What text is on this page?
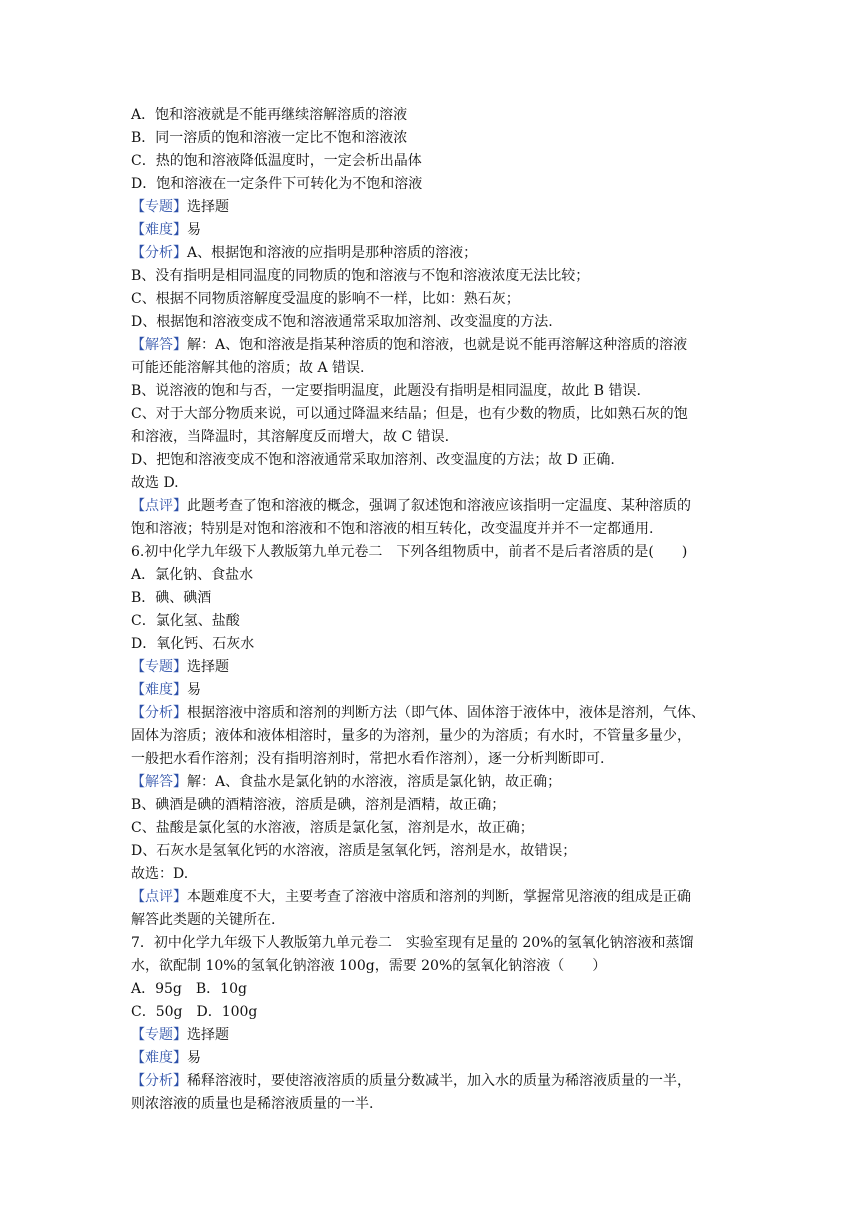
A．饱和溶液就是不能再继续溶解溶质的溶液
B．同一溶质的饱和溶液一定比不饱和溶液浓
C．热的饱和溶液降低温度时，一定会析出晶体
D．饱和溶液在一定条件下可转化为不饱和溶液
【专题】选择题
【难度】易
【分析】A、根据饱和溶液的应指明是那种溶质的溶液；
B、没有指明是相同温度的同物质的饱和溶液与不饱和溶液浓度无法比较；
C、根据不同物质溶解度受温度的影响不一样，比如：熟石灰；
D、根据饱和溶液变成不饱和溶液通常采取加溶剂、改变温度的方法.
【解答】解：A、饱和溶液是指某种溶质的饱和溶液，也就是说不能再溶解这种溶质的溶液
可能还能溶解其他的溶质；故 A 错误.
B、说溶液的饱和与否，一定要指明温度，此题没有指明是相同温度，故此 B 错误.
C、对于大部分物质来说，可以通过降温来结晶；但是，也有少数的物质，比如熟石灰的饱
和溶液，当降温时，其溶解度反而增大，故 C 错误.
D、把饱和溶液变成不饱和溶液通常采取加溶剂、改变温度的方法；故 D 正确.
故选 D.
【点评】此题考查了饱和溶液的概念，强调了叙述饱和溶液应该指明一定温度、某种溶质的
饱和溶液；特别是对饱和溶液和不饱和溶液的相互转化，改变温度并并不一定都通用.
6.初中化学九年级下人教版第九单元卷二　下列各组物质中，前者不是后者溶质的是(　　)
A．氯化钠、食盐水
B．碘、碘酒
C．氯化氢、盐酸
D．氧化钙、石灰水
【专题】选择题
【难度】易
【分析】根据溶液中溶质和溶剂的判断方法（即气体、固体溶于液体中，液体是溶剂，气体、
固体为溶质；液体和液体相溶时，量多的为溶剂，量少的为溶质；有水时，不管量多量少，
一般把水看作溶剂；没有指明溶剂时，常把水看作溶剂），逐一分析判断即可.
【解答】解：A、食盐水是氯化钠的水溶液，溶质是氯化钠，故正确；
B、碘酒是碘的酒精溶液，溶质是碘，溶剂是酒精，故正确；
C、盐酸是氯化氢的水溶液，溶质是氯化氢，溶剂是水，故正确；
D、石灰水是氢氧化钙的水溶液，溶质是氢氧化钙，溶剂是水，故错误；
故选：D.
【点评】本题难度不大，主要考查了溶液中溶质和溶剂的判断，掌握常见溶液的组成是正确
解答此类题的关键所在.
7．初中化学九年级下人教版第九单元卷二　实验室现有足量的 20%的氢氧化钠溶液和蒸馏
水，欲配制 10%的氢氧化钠溶液 100g，需要 20%的氢氧化钠溶液（　　）
A．95g　B．10g
C．50g　D．100g
【专题】选择题
【难度】易
【分析】稀释溶液时，要使溶液溶质的质量分数减半，加入水的质量为稀溶液质量的一半，
则浓溶液的质量也是稀溶液质量的一半.
